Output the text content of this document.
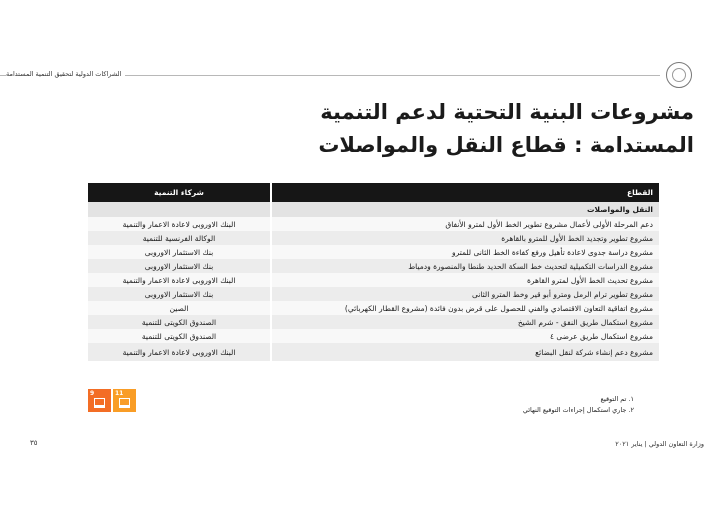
الشراكات الدولية لتحقيق التنمية المستدامة
مشروعات البنية التحتية لدعم التنمية
المستدامة : قطاع النقل والمواصلات
القطاع	شركاء التنمية
النقل والمواصلات	
دعم المرحلة الأولى لأعمال مشروع تطوير الخط الأول لمترو الأنفاق	البنك الاوروبى لاعادة الاعمار والتنمية
مشروع تطوير وتجديد الخط الأول للمترو بالقاهرة	الوكالة الفرنسية للتنمية
مشروع دراسة جدوى لاعادة تأهيل ورفع كفاءة الخط الثانى للمترو	بنك الاستثمار الاوروبى
مشروع الدراسات التكميلية لتحديث خط السكة الحديد طنطا والمنصورة ودمياط	بنك الاستثمار الاوروبى
مشروع تحديث الخط الأول لمترو القاهرة	البنك الاوروبى لاعادة الاعمار والتنمية
مشروع تطوير ترام الرمل ومترو أبو قير وخط المترو الثانى	بنك الاستثمار الاوروبى
مشروع اتفاقية التعاون الاقتصادي والفني للحصول على قرض بدون فائدة (مشروع القطار الكهربائي)	الصين
مشروع استكمال طريق النفق - شرم الشيخ	الصندوق الكويتى للتنمية
مشروع استكمال طريق عرضى ٤	الصندوق الكويتى للتنمية
مشروع دعم إنشاء شركة لنقل البضائع	البنك الاوروبى لاعادة الاعمار والتنمية
9	11
١. تم التوقيع
٢. جاري استكمال إجراءات التوقيع النهائي
٣٥	وزارة التعاون الدولي | يناير ٢٠٢١
